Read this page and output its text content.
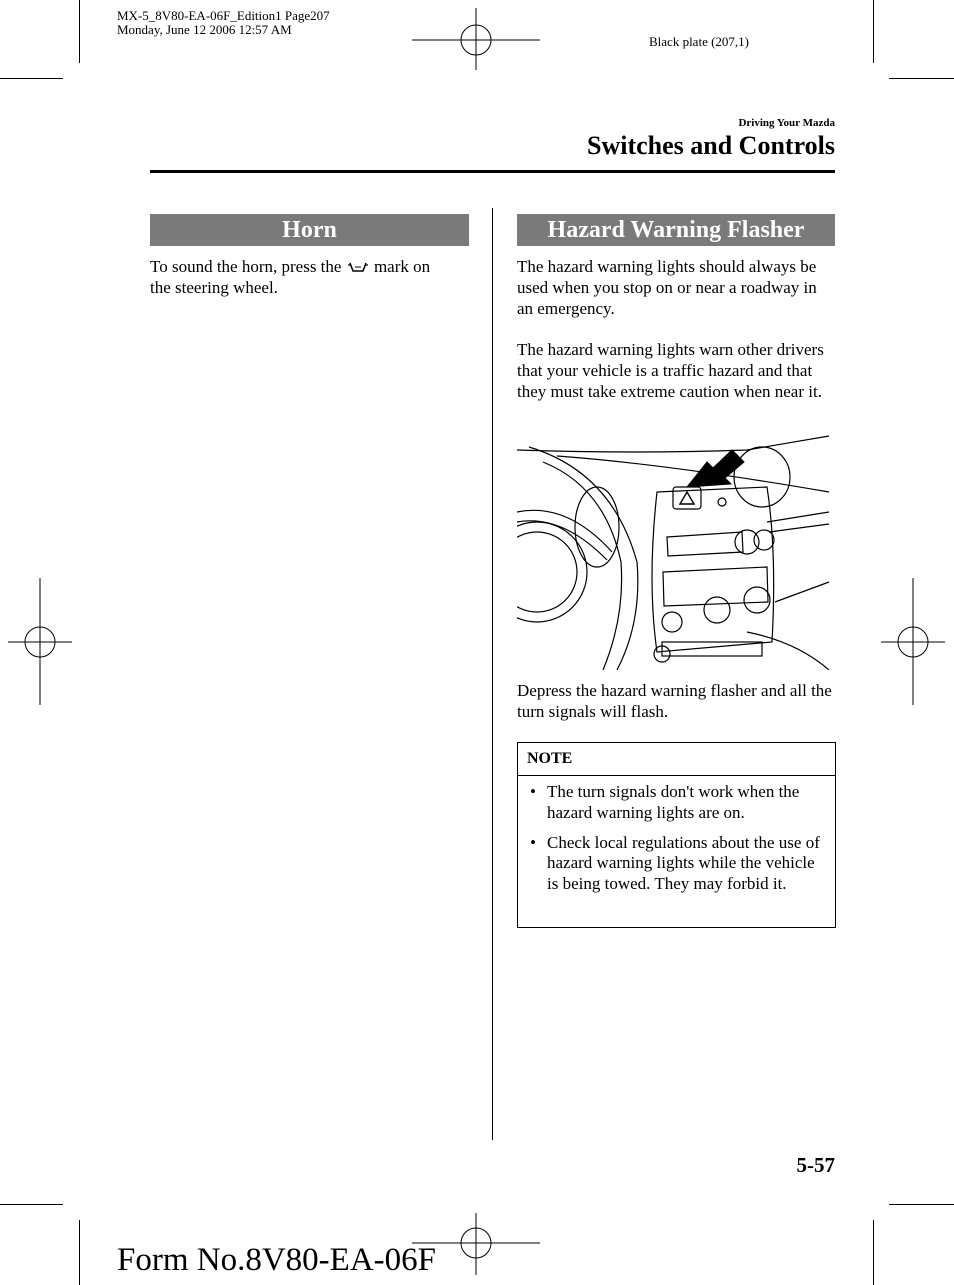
MX-5_8V80-EA-06F_Edition1 Page207
Monday, June 12 2006 12:57 AM
Black plate (207,1)
Driving Your Mazda
Switches and Controls
Horn
To sound the horn, press the mark on
the steering wheel.
Hazard Warning Flasher
The hazard warning lights should always be used when you stop on or near a roadway in an emergency.
The hazard warning lights warn other drivers that your vehicle is a traffic hazard and that they must take extreme caution when near it.
Depress the hazard warning flasher and all the turn signals will flash.
NOTE
• The turn signals don't work when the hazard warning lights are on.
• Check local regulations about the use of hazard warning lights while the vehicle is being towed. They may forbid it.
5-57
Form No.8V80-EA-06F
